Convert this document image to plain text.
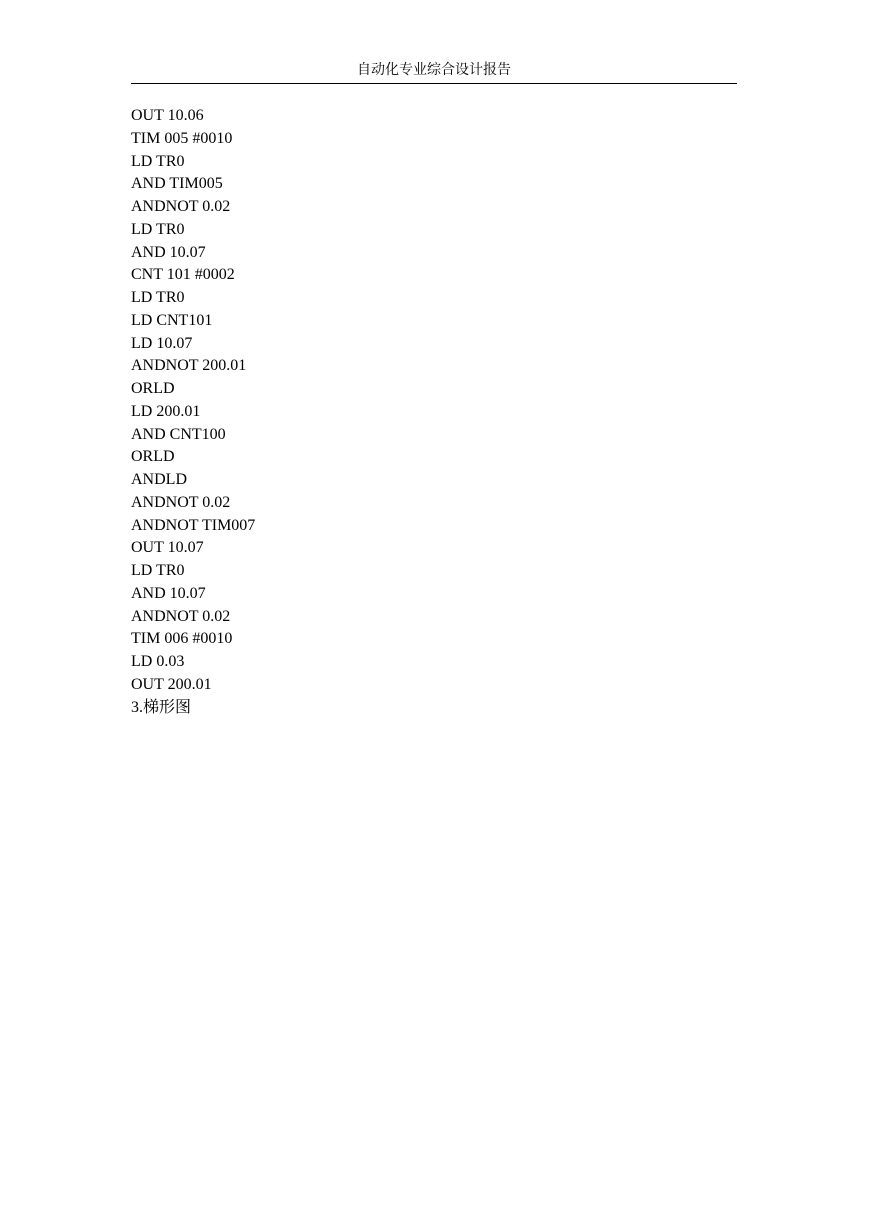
自动化专业综合设计报告
OUT 10.06
TIM 005 #0010
LD TR0
AND TIM005
ANDNOT 0.02
LD TR0
AND 10.07
CNT 101 #0002
LD TR0
LD CNT101
LD 10.07
ANDNOT 200.01
ORLD
LD 200.01
AND CNT100
ORLD
ANDLD
ANDNOT 0.02
ANDNOT TIM007
OUT 10.07
LD TR0
AND 10.07
ANDNOT 0.02
TIM 006 #0010
LD 0.03
OUT 200.01
3.梯形图
